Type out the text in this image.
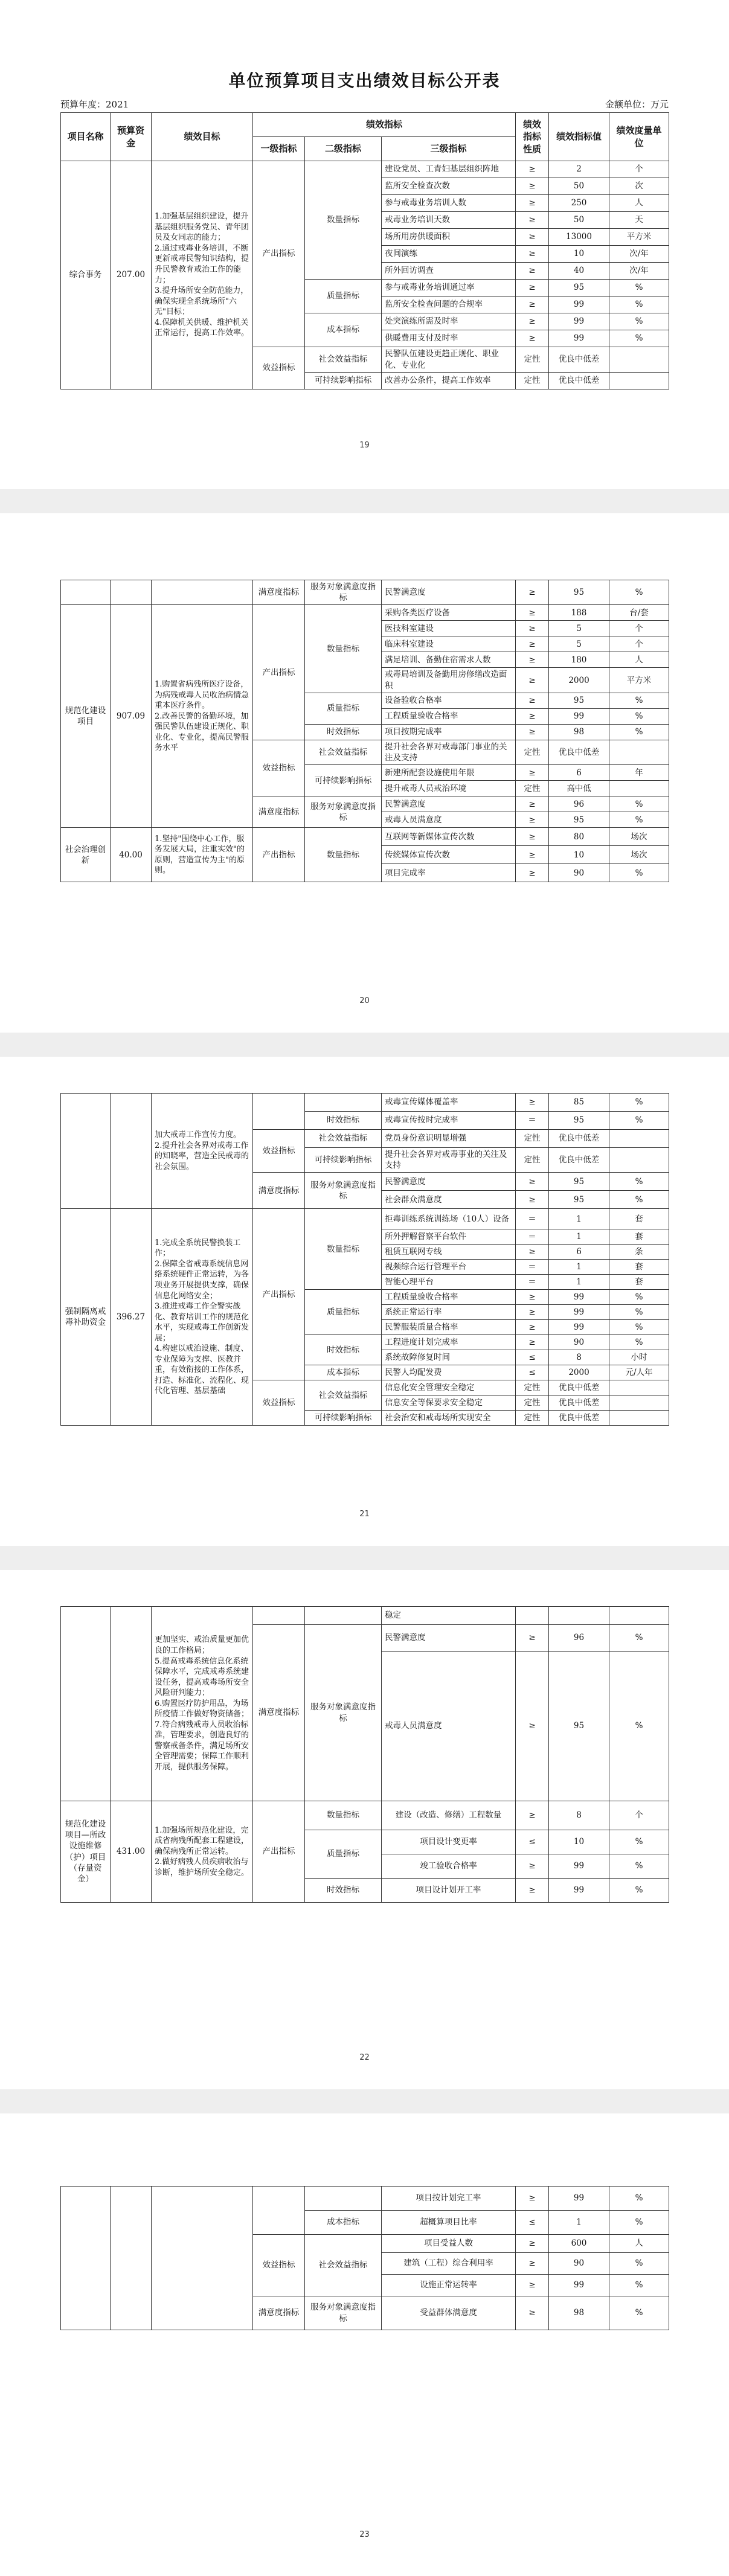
单位预算项目支出绩效目标公开表
预算年度：2021	金额单位：万元
项目名称	预算资金	绩效目标	绩效指标			绩效指标性质	绩效指标值	绩效度量单位
			一级指标	二级指标	三级指标			
综合事务	207.00	1.加强基层组织建设，提升基层组织服务党员、青年团员及女同志的能力；
2.通过戒毒业务培训，不断更新戒毒民警知识结构，提升民警教育戒治工作的能力；
3.提升场所安全防范能力，确保实现全系统场所"六无"目标；
4.保障机关供暖、维护机关正常运行，提高工作效率。	产出指标	数量指标	建设党员、工青妇基层组织阵地	≥	2	个
					监所安全检查次数	≥	50	次
					参与戒毒业务培训人数	≥	250	人
					戒毒业务培训天数	≥	50	天
					场所用房供暖面积	≥	13000	平方米
					夜间演练	≥	10	次/年
					所外回访调查	≥	40	次/年
				质量指标	参与戒毒业务培训通过率	≥	95	%
					监所安全检查问题的合规率	≥	99	%
				成本指标	处突演练所需及时率	≥	99	%
					供暖费用支付及时率	≥	99	%
			效益指标	社会效益指标	民警队伍建设更趋正规化、职业化、专业化	定性	优良中低差	
				可持续影响指标	改善办公条件，提高工作效率	定性	优良中低差	
19
			满意度指标	服务对象满意度指标	民警满意度	≥	95	%
规范化建设项目	907.09	1.购置省病残所医疗设备，为病残戒毒人员收治病情急重本医疗条件。
2.改善民警的备勤环境，加强民警队伍建设正规化、职业化、专业化，提高民警服务水平	产出指标	数量指标	采购各类医疗设备	≥	188	台/套
					医技科室建设	≥	5	个
					临床科室建设	≥	5	个
					满足培训、备勤住宿需求人数	≥	180	人
					戒毒局培训及备勤用房修缮改造面积	≥	2000	平方米
				质量指标	设备验收合格率	≥	95	%
					工程质量验收合格率	≥	99	%
				时效指标	项目按期完成率	≥	98	%
			效益指标	社会效益指标	提升社会各界对戒毒部门事业的关注及支持	定性	优良中低差	
				可持续影响指标	新建所配套设施使用年限	≥	6	年
					提升戒毒人员戒治环境	定性	高中低	
			满意度指标	服务对象满意度指标	民警满意度	≥	96	%
					戒毒人员满意度	≥	95	%
社会治理创新	40.00	1.坚持"围绕中心工作，服务发展大局，注重实效"的原则，营造宣传为主"的原则。	产出指标	数量指标	互联网等新媒体宣传次数	≥	80	场次
					传统媒体宣传次数	≥	10	场次
					项目完成率	≥	90	%
20
		加大戒毒工作宣传力度。
2.提升社会各界对戒毒工作的知晓率，营造全民戒毒的社会氛围。			戒毒宣传媒体覆盖率	≥	85	%
				时效指标	戒毒宣传按时完成率	＝	95	%
			效益指标	社会效益指标	党员身份意识明显增强	定性	优良中低差	
				可持续影响指标	提升社会各界对戒毒事业的关注及支持	定性	优良中低差	
			满意度指标	服务对象满意度指标	民警满意度	≥	95	%
					社会群众满意度	≥	95	%
强制隔离戒毒补助资金	396.27	1.完成全系统民警换装工作；
2.保障全省戒毒系统信息网络系统硬件正常运转，为各项业务开展提供支撑，确保信息化网络安全；
3.推进戒毒工作全警实战化、教育培训工作的规范化水平，实现戒毒工作创新发展；
4.构建以戒治设施、制度、专业保障为支撑、医教并重，有效衔接的工作体系，打造、标准化、流程化、现代化管理、基层基础	产出指标	数量指标	拒毒训练系统训练场（10人）设备	＝	1	套
					所外押解督察平台软件	＝	1	套
					租赁互联网专线	≥	6	条
					视频综合运行管理平台	＝	1	套
					智能心理平台	＝	1	套
				质量指标	工程质量验收合格率	≥	99	%
					系统正常运行率	≥	99	%
					民警服装质量合格率	≥	99	%
				时效指标	工程进度计划完成率	≥	90	%
					系统故障修复时间	≤	8	小时
				成本指标	民警人均配发费	≤	2000	元/人年
			效益指标	社会效益指标	信息化安全管理安全稳定	定性	优良中低差	
					信息安全等保要求安全稳定	定性	优良中低差	
				可持续影响指标	社会治安和戒毒场所实现安全	定性	优良中低差	
21
		更加坚实、戒治质量更加优良的工作格局；
5.提高戒毒系统信息化系统保障水平，完成戒毒系统建设任务，提高戒毒场所安全风险研判能力；
6.购置医疗防护用品，为场所疫情工作做好物资储备；
7.符合病残戒毒人员收治标准，管理要求，创造良好的警察戒备条件，满足场所安全管理需要；保障工作顺利开展，提供服务保障。			稳定			
			满意度指标	服务对象满意度指标	民警满意度	≥	96	%
					戒毒人员满意度	≥	95	%
规范化建设项目—所政设施维修（护）项目（存量资金）	431.00	1.加强场所规范化建设，完成省病残所配套工程建设，确保病残所正常运转。
2.做好病残人员疾病收治与诊断，维护场所安全稳定。	产出指标	数量指标	建设（改造、修缮）工程数量	≥	8	个
				质量指标	项目设计变更率	≤	10	%
					竣工验收合格率	≥	99	%
				时效指标	项目设计划开工率	≥	99	%
22
					项目按计划完工率	≥	99	%
				成本指标	超概算项目比率	≤	1	%
			效益指标	社会效益指标	项目受益人数	≥	600	人
					建筑（工程）综合利用率	≥	90	%
					设施正常运转率	≥	99	%
			满意度指标	服务对象满意度指标	受益群体满意度	≥	98	%
23
